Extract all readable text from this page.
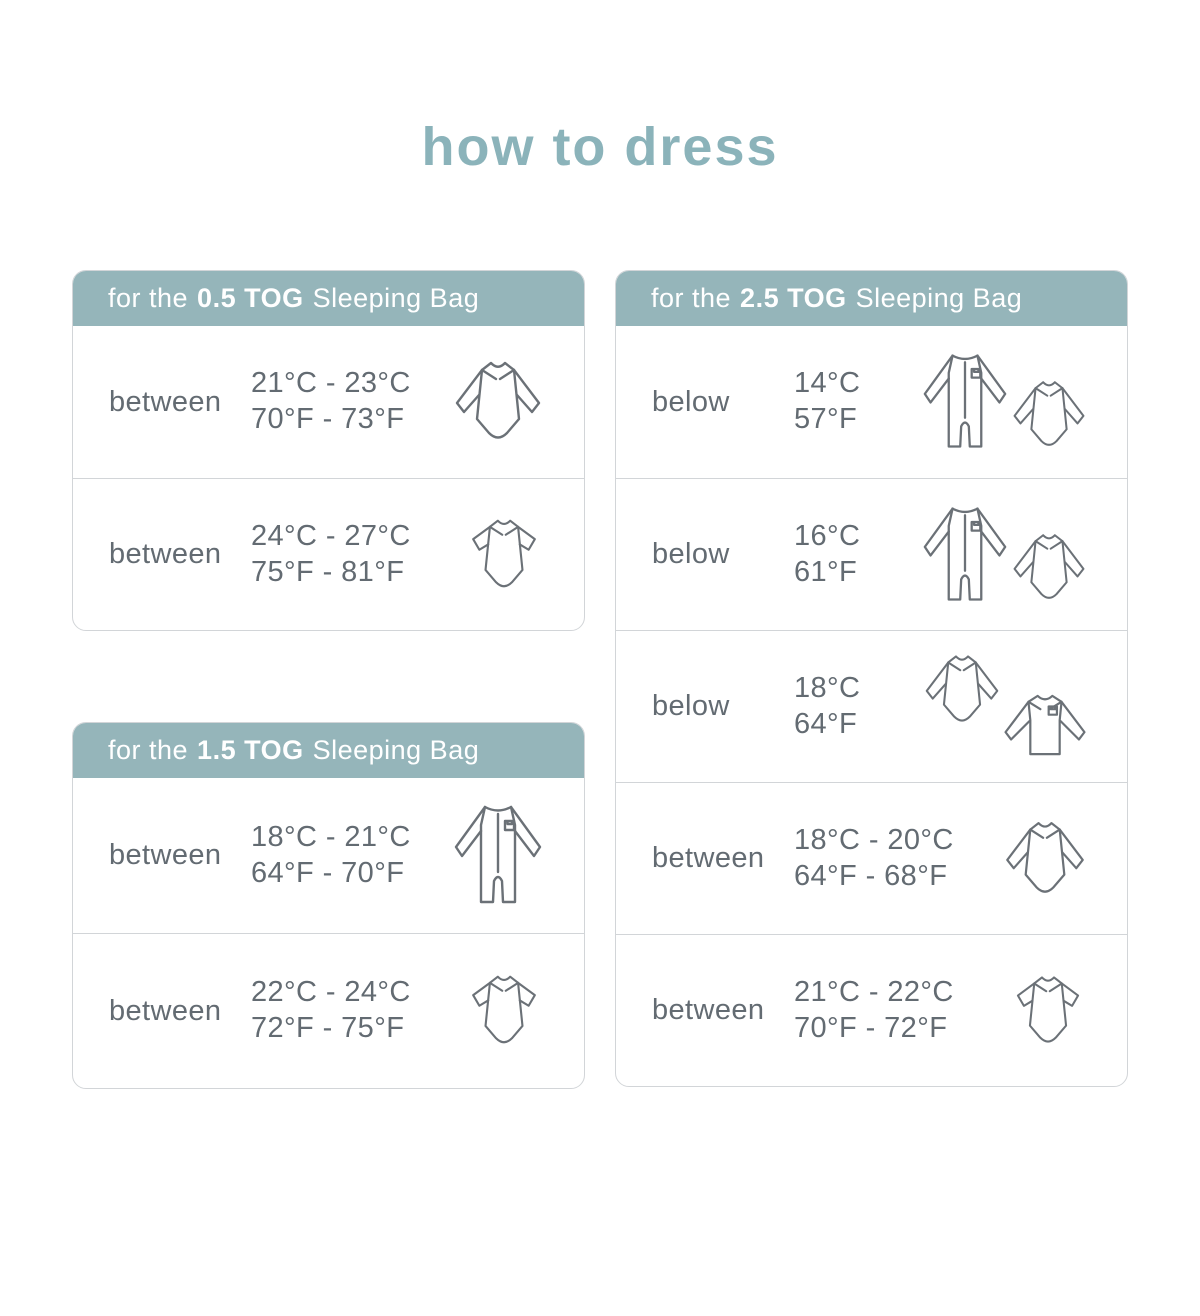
how to dress
for the 0.5 TOG Sleeping Bag
between
21°C - 23°C
70°F - 73°F
between
24°C - 27°C
75°F - 81°F
for the 1.5 TOG Sleeping Bag
between
18°C - 21°C
64°F - 70°F
between
22°C - 24°C
72°F - 75°F
for the 2.5 TOG Sleeping Bag
below
14°C
57°F
below
16°C
61°F
below
18°C
64°F
between
18°C - 20°C
64°F - 68°F
between
21°C - 22°C
70°F - 72°F
